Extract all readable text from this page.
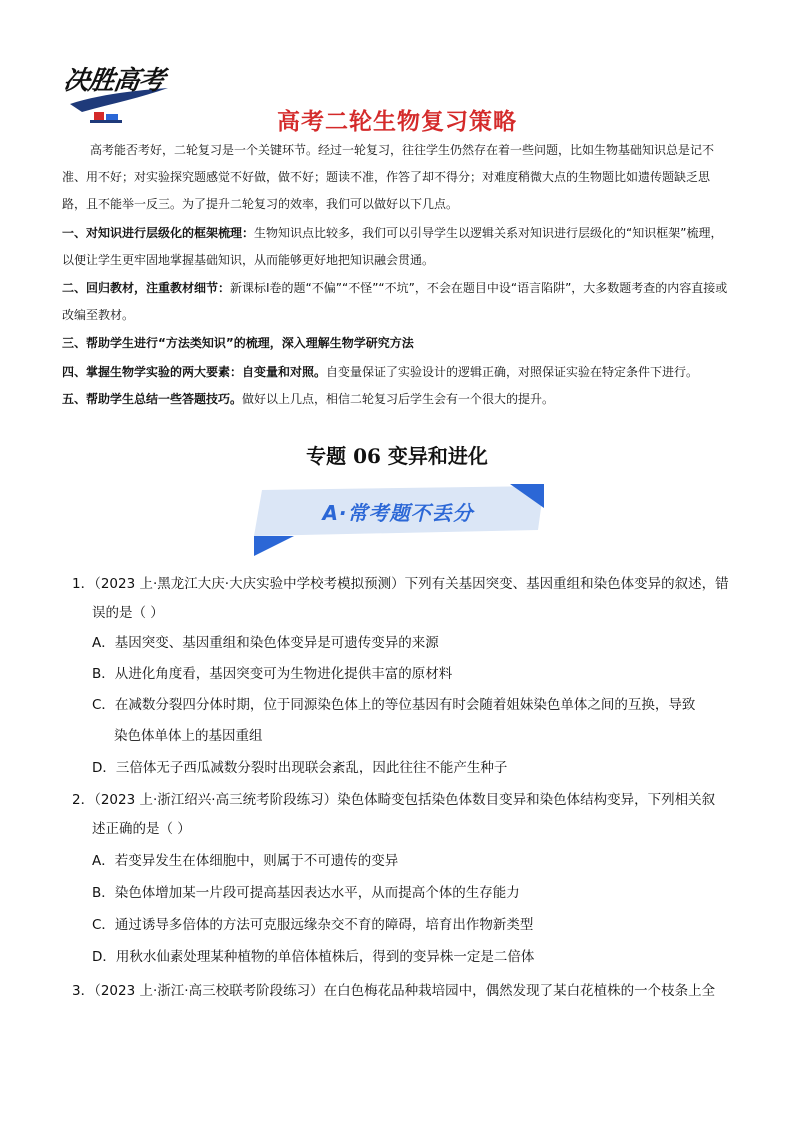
决胜高考
高考二轮生物复习策略
高考能否考好，二轮复习是一个关键环节。经过一轮复习，往往学生仍然存在着一些问题，比如生物基础知识总是记不
准、用不好；对实验探究题感觉不好做，做不好；题读不准，作答了却不得分；对难度稍微大点的生物题比如遗传题缺乏思
路，且不能举一反三。为了提升二轮复习的效率，我们可以做好以下几点。
一、对知识进行层级化的框架梳理：生物知识点比较多，我们可以引导学生以逻辑关系对知识进行层级化的“知识框架”梳理，
以便让学生更牢固地掌握基础知识，从而能够更好地把知识融会贯通。
二、回归教材，注重教材细节：新课标Ⅰ卷的题“不偏”“不怪”“不坑”，不会在题目中设“语言陷阱”，大多数题考查的内容直接或
改编至教材。
三、帮助学生进行“方法类知识”的梳理，深入理解生物学研究方法
四、掌握生物学实验的两大要素：自变量和对照。自变量保证了实验设计的逻辑正确，对照保证实验在特定条件下进行。
五、帮助学生总结一些答题技巧。做好以上几点，相信二轮复习后学生会有一个很大的提升。
专题 06 变异和进化
A·常考题不丢分
1．（2023 上·黑龙江大庆·大庆实验中学校考模拟预测）下列有关基因突变、基因重组和染色体变异的叙述，错
误的是（ ）
A．基因突变、基因重组和染色体变异是可遗传变异的来源
B．从进化角度看，基因突变可为生物进化提供丰富的原材料
C．在减数分裂四分体时期，位于同源染色体上的等位基因有时会随着姐妹染色单体之间的互换，导致
染色体单体上的基因重组
D．三倍体无子西瓜减数分裂时出现联会紊乱，因此往往不能产生种子
2．（2023 上·浙江绍兴·高三统考阶段练习）染色体畸变包括染色体数目变异和染色体结构变异，下列相关叙
述正确的是（ ）
A．若变异发生在体细胞中，则属于不可遗传的变异
B．染色体增加某一片段可提高基因表达水平，从而提高个体的生存能力
C．通过诱导多倍体的方法可克服远缘杂交不育的障碍，培育出作物新类型
D．用秋水仙素处理某种植物的单倍体植株后，得到的变异株一定是二倍体
3．（2023 上·浙江·高三校联考阶段练习）在白色梅花品种栽培园中，偶然发现了某白花植株的一个枝条上全
